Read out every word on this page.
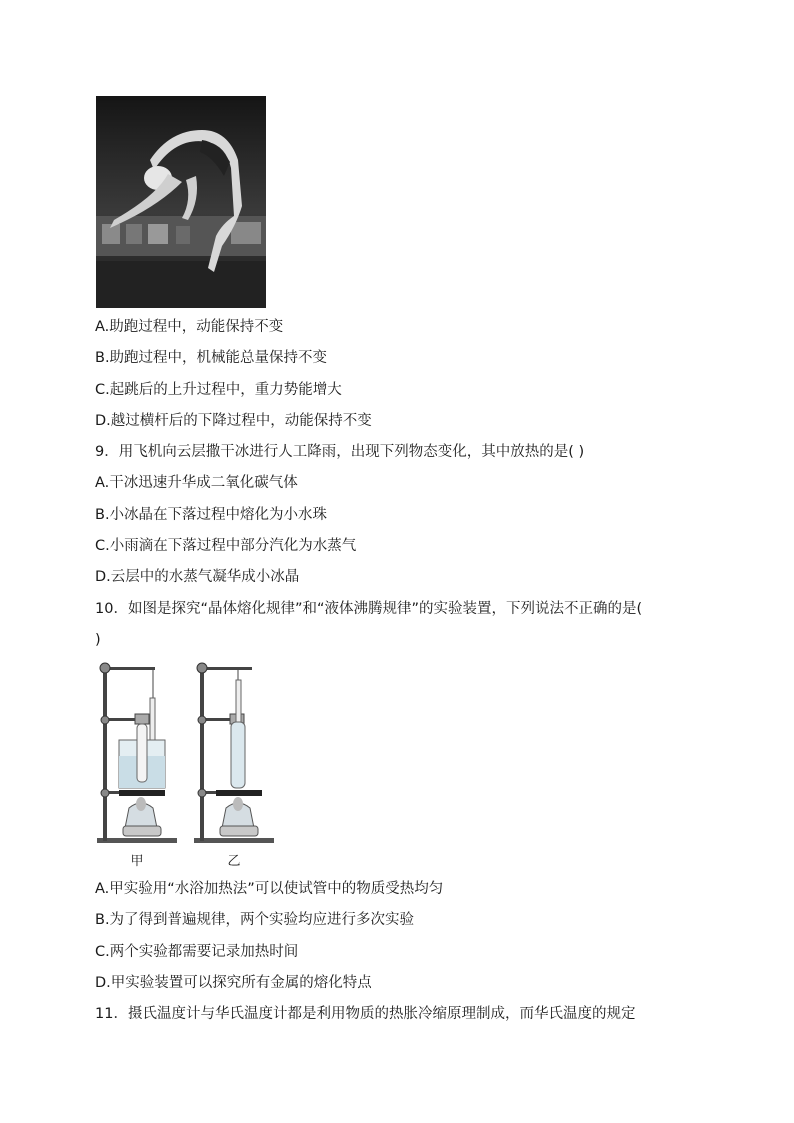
A.助跑过程中，动能保持不变
B.助跑过程中，机械能总量保持不变
C.起跳后的上升过程中，重力势能增大
D.越过横杆后的下降过程中，动能保持不变
9．用飞机向云层撒干冰进行人工降雨，出现下列物态变化，其中放热的是( )
A.干冰迅速升华成二氧化碳气体
B.小冰晶在下落过程中熔化为小水珠
C.小雨滴在下落过程中部分汽化为水蒸气
D.云层中的水蒸气凝华成小冰晶
10．如图是探究“晶体熔化规律”和“液体沸腾规律”的实验装置，下列说法不正确的是(
)
甲	乙
A.甲实验用“水浴加热法”可以使试管中的物质受热均匀
B.为了得到普遍规律，两个实验均应进行多次实验
C.两个实验都需要记录加热时间
D.甲实验装置可以探究所有金属的熔化特点
11．摄氏温度计与华氏温度计都是利用物质的热胀冷缩原理制成，而华氏温度的规定
